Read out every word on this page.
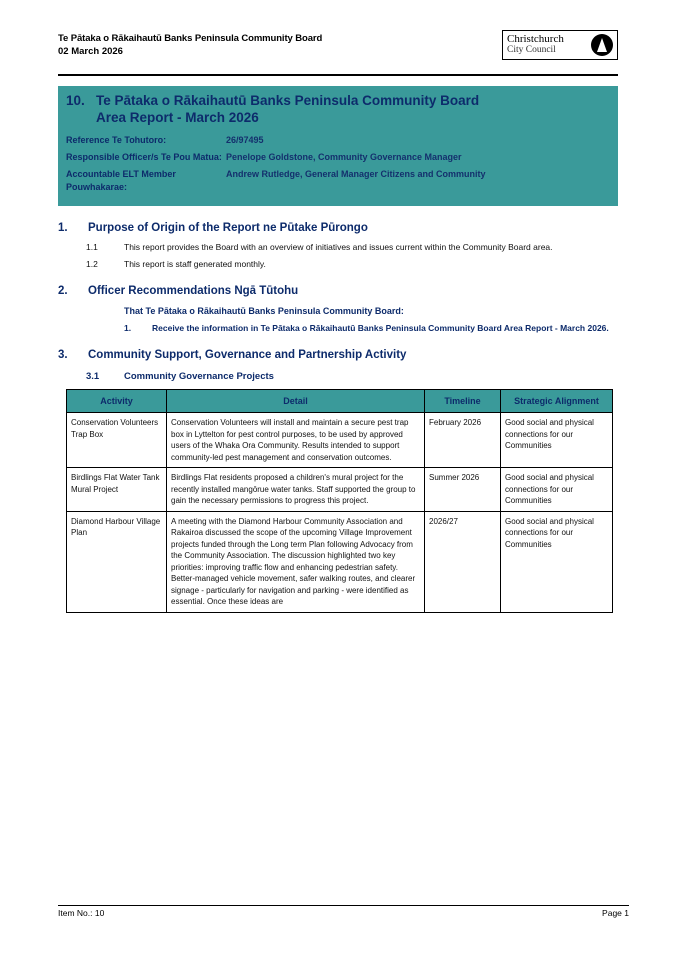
Te Pātaka o Rākaihautū Banks Peninsula Community Board
02 March 2026
Christchurch
City Council
10. Te Pātaka o Rākaihautū Banks Peninsula Community Board
Area Report - March 2026
Reference Te Tohutoro:	26/97495
Responsible Officer/s Te Pou Matua:	Penelope Goldstone, Community Governance Manager
Accountable ELT Member Pouwhakarae:	Andrew Rutledge, General Manager Citizens and Community
1.	Purpose of Origin of the Report ne Pūtake Pūrongo
1.1	This report provides the Board with an overview of initiatives and issues current within the Community Board area.
1.2	This report is staff generated monthly.
2.	Officer Recommendations Ngā Tūtohu
That Te Pātaka o Rākaihautū Banks Peninsula Community Board:
1.	Receive the information in Te Pātaka o Rākaihautū Banks Peninsula Community Board Area Report - March 2026.
3.	Community Support, Governance and Partnership Activity
3.1	Community Governance Projects
Activity	Detail	Timeline	Strategic Alignment
Conservation Volunteers Trap Box	Conservation Volunteers will install and maintain a secure pest trap box in Lyttelton for pest control purposes, to be used by approved users of the Whaka Ora Community. Results intended to support community-led pest management and conservation outcomes.	February 2026	Good social and physical connections for our Communities
Birdlings Flat Water Tank Mural Project	Birdlings Flat residents proposed a children's mural project for the recently installed mangōrue water tanks. Staff supported the group to gain the necessary permissions to progress this project.	Summer 2026	Good social and physical connections for our Communities
Diamond Harbour Village Plan	A meeting with the Diamond Harbour Community Association and Rakairoa discussed the scope of the upcoming Village Improvement projects funded through the Long term Plan following Advocacy from the Community Association. The discussion highlighted two key priorities: improving traffic flow and enhancing pedestrian safety. Better-managed vehicle movement, safer walking routes, and clearer signage - particularly for navigation and parking - were identified as essential. Once these ideas are	2026/27	Good social and physical connections for our Communities
Item No.: 10	Page 1
